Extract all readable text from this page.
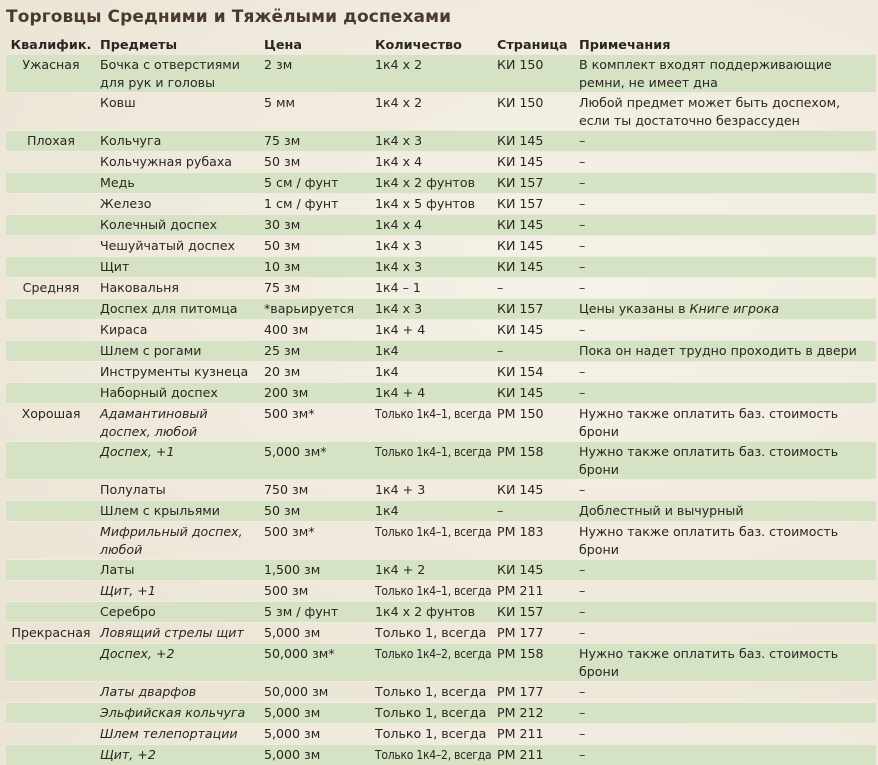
Торговцы Средними и Тяжёлыми доспехами
Квалифик.	Предметы	Цена	Количество	Страница	Примечания
Ужасная	Бочка с отверстиями для рук и головы	2 зм	1к4 x 2	КИ 150	В комплект входят поддерживающие ремни, не имеет дна
	Ковш	5 мм	1к4 x 2	КИ 150	Любой предмет может быть доспехом, если ты достаточно безрассуден
Плохая	Кольчуга	75 зм	1к4 x 3	КИ 145	–
	Кольчужная рубаха	50 зм	1к4 x 4	КИ 145	–
	Медь	5 см / фунт	1к4 x 2 фунтов	КИ 157	–
	Железо	1 см / фунт	1к4 x 5 фунтов	КИ 157	–
	Колечный доспех	30 зм	1к4 x 4	КИ 145	–
	Чешуйчатый доспех	50 зм	1к4 x 3	КИ 145	–
	Щит	10 зм	1к4 x 3	КИ 145	–
Средняя	Наковальня	75 зм	1к4 – 1	–	–
	Доспех для питомца	*варьируется	1к4 x 3	КИ 157	Цены указаны в Книге игрока
	Кираса	400 зм	1к4 + 4	КИ 145	–
	Шлем с рогами	25 зм	1к4	–	Пока он надет трудно проходить в двери
	Инструменты кузнеца	20 зм	1к4	КИ 154	–
	Наборный доспех	200 зм	1к4 + 4	КИ 145	–
Хорошая	Адамантиновый доспех, любой	500 зм*	Только 1к4–1, всегда	РМ 150	Нужно также оплатить баз. стоимость брони
	Доспех, +1	5,000 зм*	Только 1к4–1, всегда	РМ 158	Нужно также оплатить баз. стоимость брони
	Полулаты	750 зм	1к4 + 3	КИ 145	–
	Шлем с крыльями	50 зм	1к4	–	Доблестный и вычурный
	Мифрильный доспех, любой	500 зм*	Только 1к4–1, всегда	РМ 183	Нужно также оплатить баз. стоимость брони
	Латы	1,500 зм	1к4 + 2	КИ 145	–
	Щит, +1	500 зм	Только 1к4–1, всегда	РМ 211	–
	Серебро	5 зм / фунт	1к4 x 2 фунтов	КИ 157	–
Прекрасная	Ловящий стрелы щит	5,000 зм	Только 1, всегда	РМ 177	–
	Доспех, +2	50,000 зм*	Только 1к4–2, всегда	РМ 158	Нужно также оплатить баз. стоимость брони
	Латы дварфов	50,000 зм	Только 1, всегда	РМ 177	–
	Эльфийская кольчуга	5,000 зм	Только 1, всегда	РМ 212	–
	Шлем телепортации	5,000 зм	Только 1, всегда	РМ 211	–
	Щит, +2	5,000 зм	Только 1к4–2, всегда	РМ 211	–
